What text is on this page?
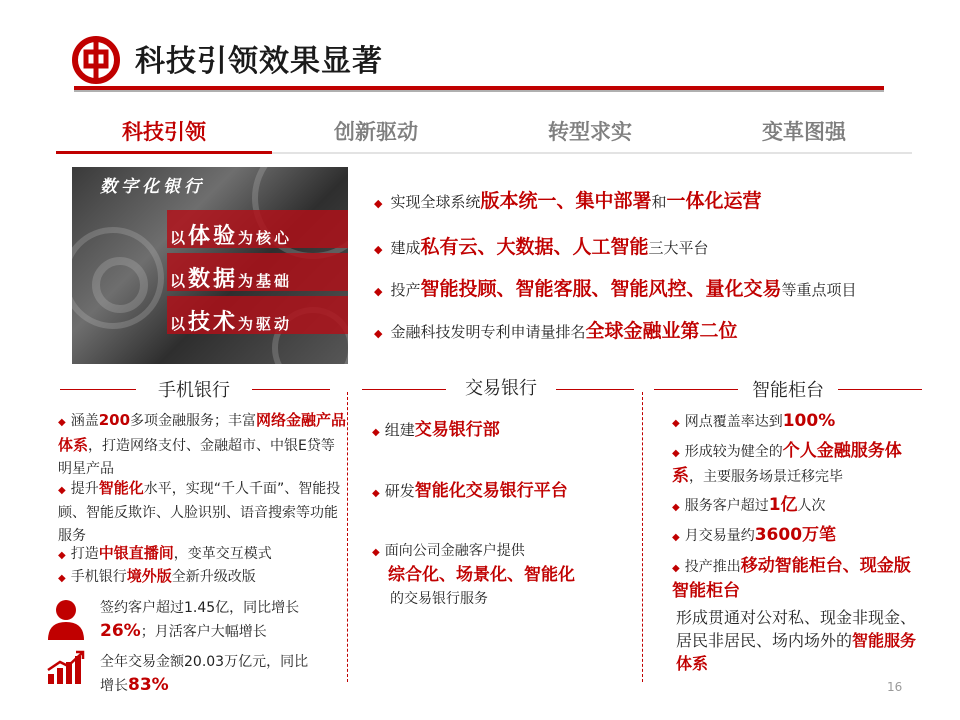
科技引领效果显著
科技引领	创新驱动	转型求实	变革图强
数字化银行
以体验为核心
以数据为基础
以技术为驱动
◆ 实现全球系统版本统一、集中部署和一体化运营
◆ 建成私有云、大数据、人工智能三大平台
◆ 投产智能投顾、智能客服、智能风控、量化交易等重点项目
◆ 金融科技发明专利申请量排名全球金融业第二位
手机银行	交易银行	智能柜台
◆ 涵盖200多项金融服务；丰富网络金融产品体系，打造网络支付、金融超市、中银E贷等明星产品
◆ 提升智能化水平，实现“千人千面”、智能投顾、智能反欺诈、人脸识别、语音搜索等功能服务
◆ 打造中银直播间，变革交互模式
◆ 手机银行境外版全新升级改版
签约客户超过1.45亿，同比增长26%；月活客户大幅增长
全年交易金额20.03万亿元，同比增长83%
◆ 组建交易银行部
◆ 研发智能化交易银行平台
◆ 面向公司金融客户提供
综合化、场景化、智能化
的交易银行服务
◆ 网点覆盖率达到100%
◆ 形成较为健全的个人金融服务体系，主要服务场景迁移完毕
◆ 服务客户超过1亿人次
◆ 月交易量约3600万笔
◆ 投产推出移动智能柜台、现金版智能柜台
形成贯通对公对私、现金非现金、居民非居民、场内场外的智能服务体系
16
